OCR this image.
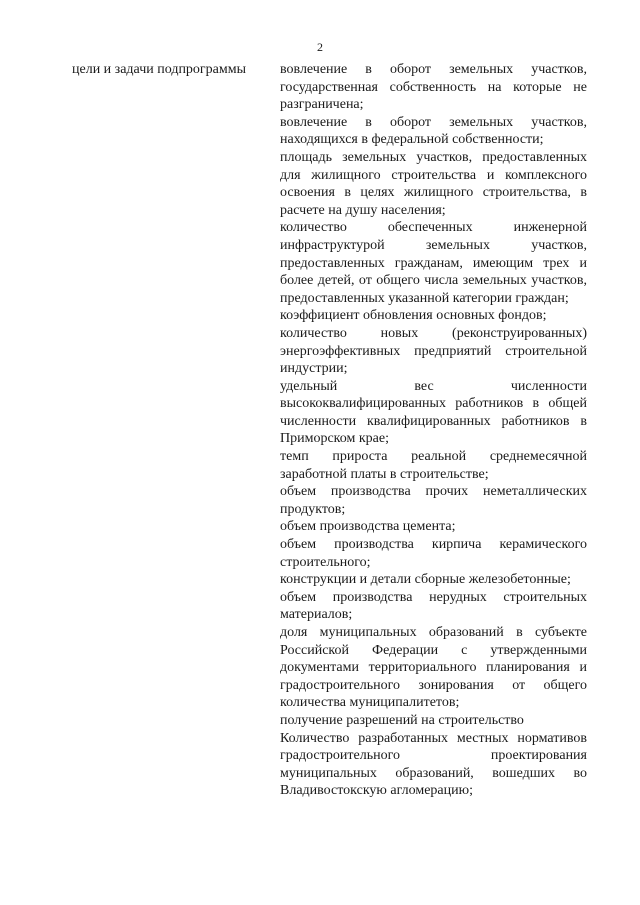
2
цели и задачи подпрограммы	вовлечение в оборот земельных участков, государственная собственность на которые не разграничена;
вовлечение в оборот земельных участков, находящихся в федеральной собственности;
площадь земельных участков, предоставленных для жилищного строительства и комплексного освоения в целях жилищного строительства, в расчете на душу населения;
количество обеспеченных инженерной инфраструктурой земельных участков, предоставленных гражданам, имеющим трех и более детей, от общего числа земельных участков, предоставленных указанной категории граждан;
коэффициент обновления основных фондов;
количество новых (реконструированных) энергоэффективных предприятий строительной индустрии;
удельный вес численности высококвалифицированных работников в общей численности квалифицированных работников в Приморском крае;
темп прироста реальной среднемесячной заработной платы в строительстве;
объем производства прочих неметаллических продуктов;
объем производства цемента;
объем производства кирпича керамического строительного;
конструкции и детали сборные железобетонные;
объем производства нерудных строительных материалов;
доля муниципальных образований в субъекте Российской Федерации с утвержденными документами территориального планирования и градостроительного зонирования от общего количества муниципалитетов;
получение разрешений на строительство
Количество разработанных местных нормативов градостроительного проектирования муниципальных образований, вошедших во Владивостокскую агломерацию;
